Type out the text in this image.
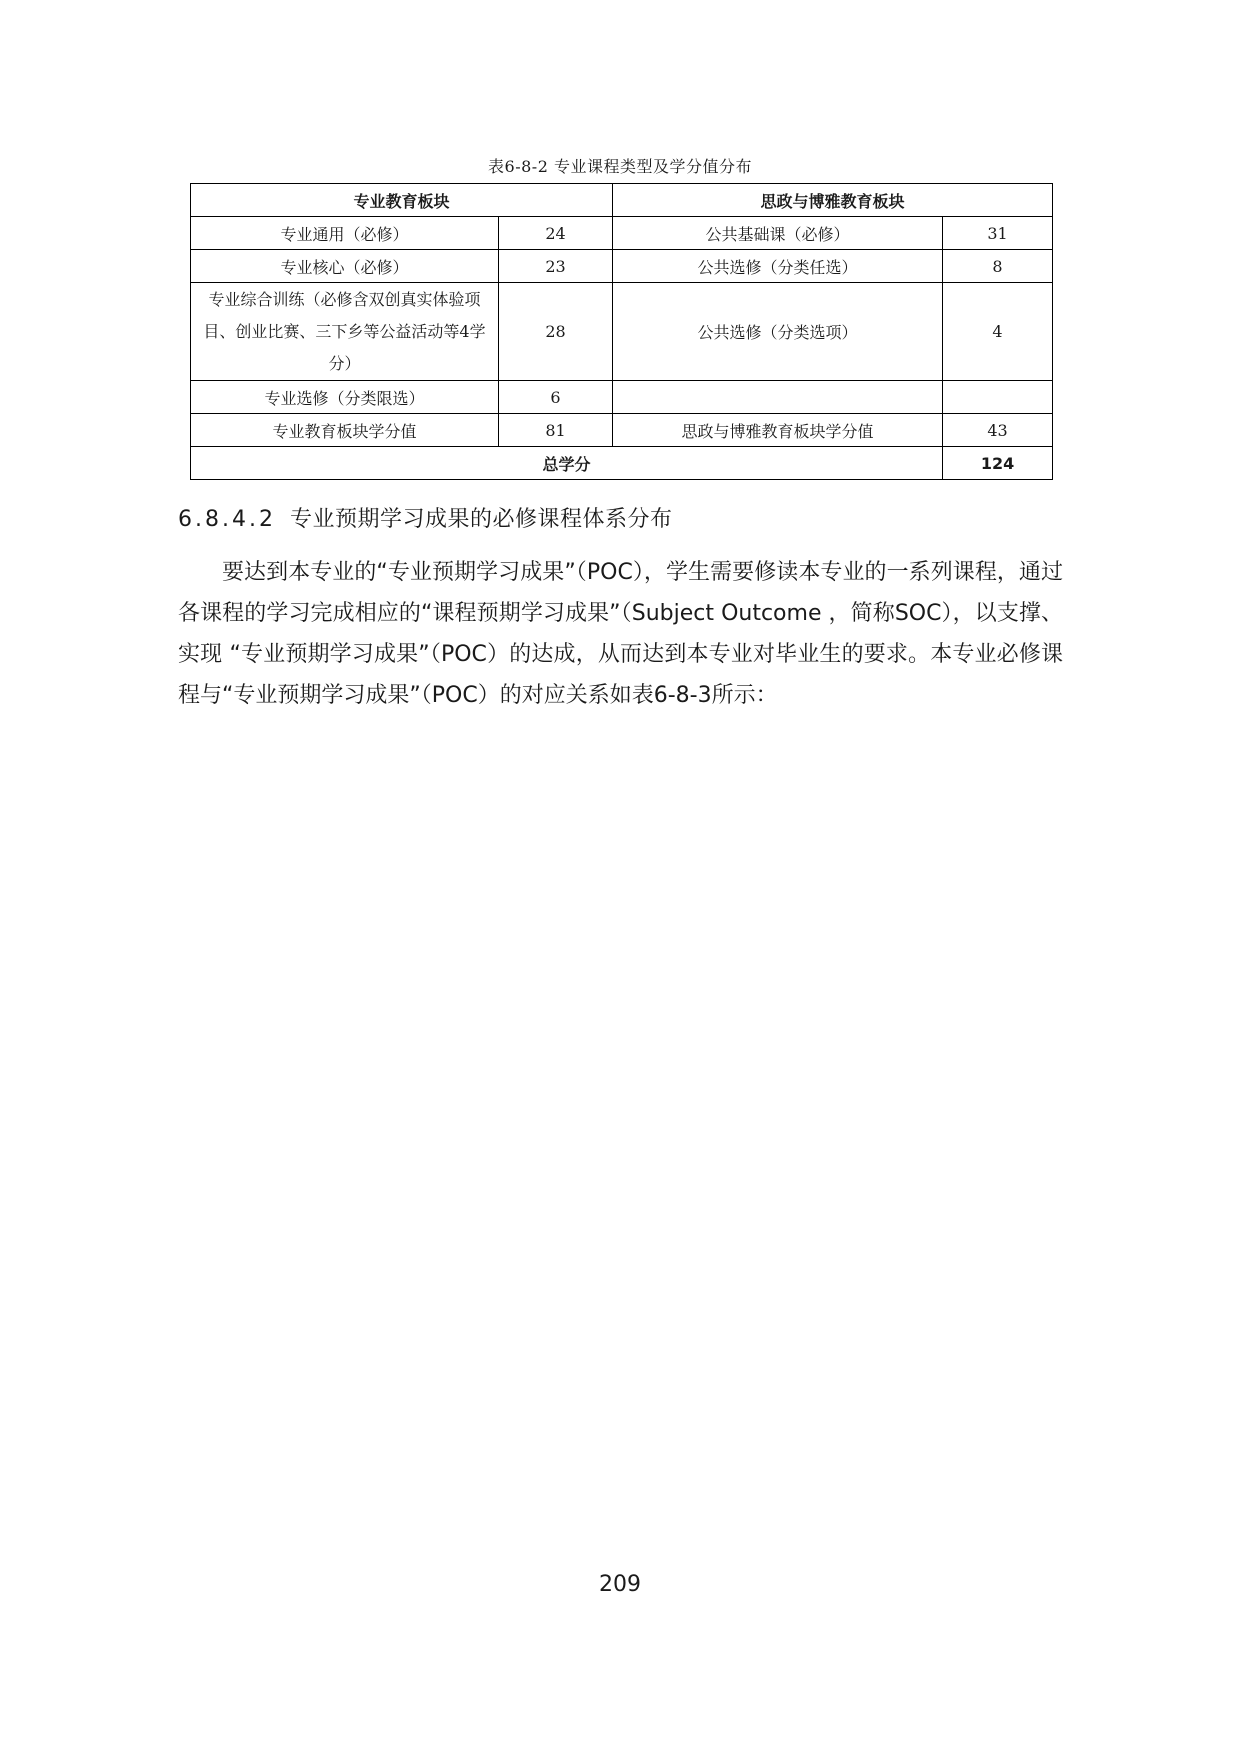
表6-8-2 专业课程类型及学分值分布
专业教育板块		思政与博雅教育板块	
专业通用（必修）	24	公共基础课（必修）	31
专业核心（必修）	23	公共选修（分类任选）	8
专业综合训练（必修含双创真实体验项目、创业比赛、三下乡等公益活动等4学分）	28	公共选修（分类选项）	4
专业选修（分类限选）	6		
专业教育板块学分值	81	思政与博雅教育板块学分值	43
总学分			124
6.8.4.2 专业预期学习成果的必修课程体系分布
要达到本专业的“专业预期学习成果”（POC），学生需要修读本专业的一系列课程，通过各课程的学习完成相应的“课程预期学习成果”（Subject Outcome ，简称SOC），以支撑、实现 “专业预期学习成果”（POC）的达成，从而达到本专业对毕业生的要求。本专业必修课程与“专业预期学习成果”（POC）的对应关系如表6-8-3所示：
209
